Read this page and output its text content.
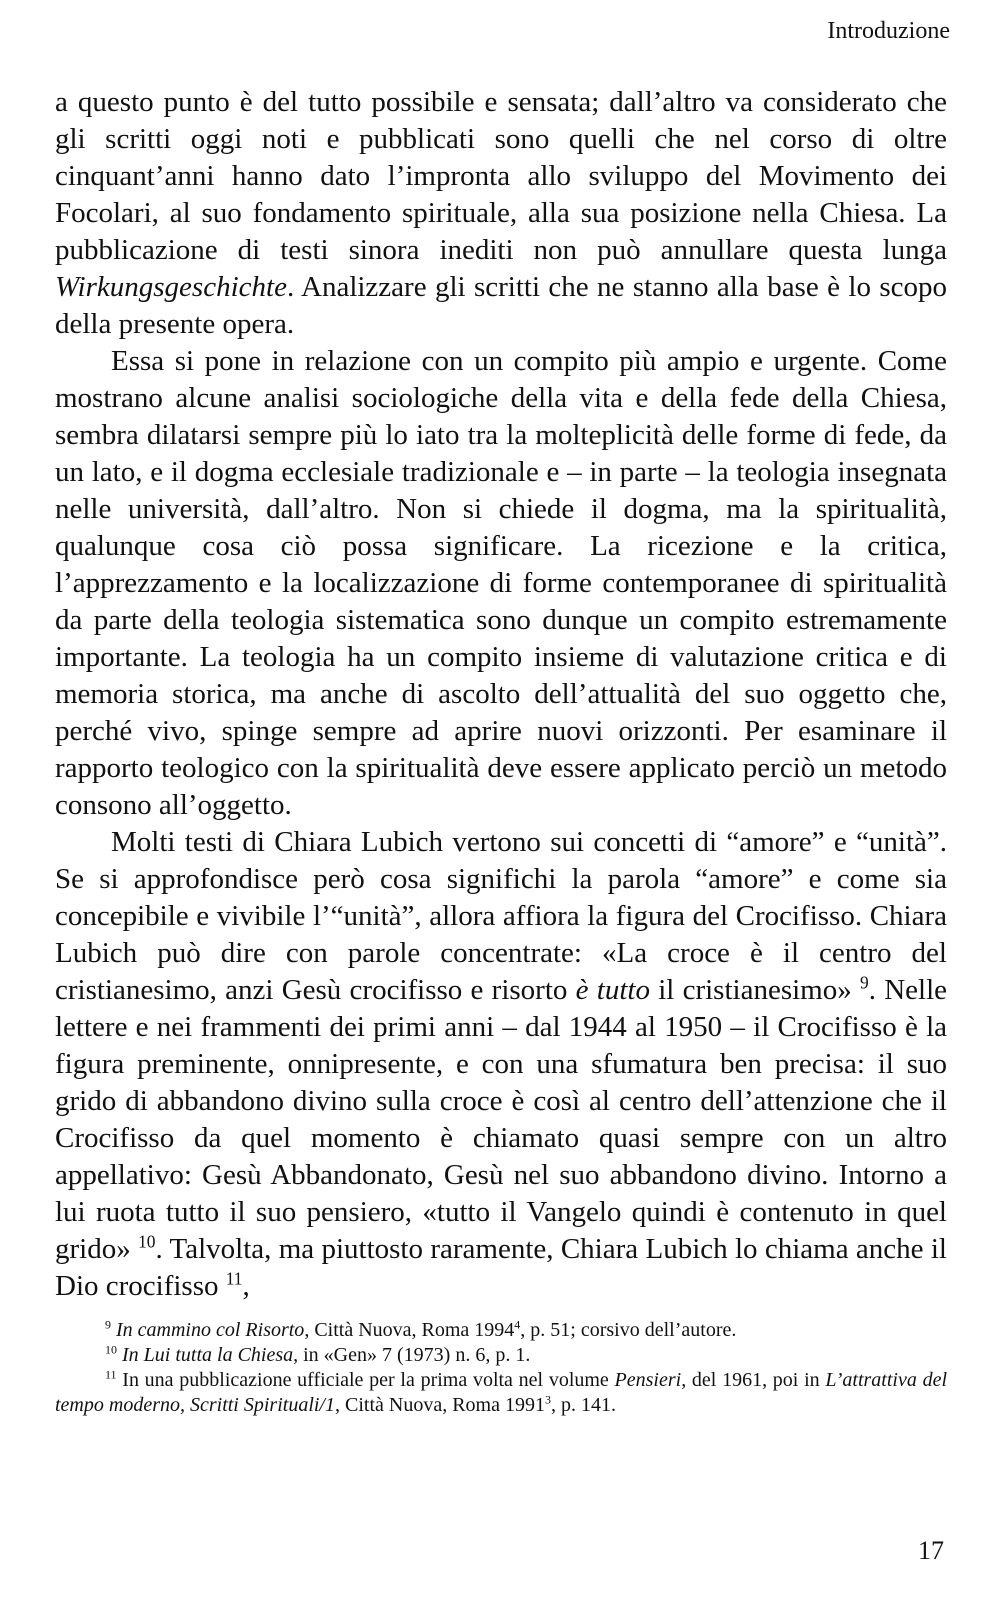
Introduzione

a questo punto è del tutto possibile e sensata; dall’altro va considerato che gli scritti oggi noti e pubblicati sono quelli che nel corso di oltre cinquant’anni hanno dato l’impronta allo sviluppo del Movimento dei Focolari, al suo fondamento spirituale, alla sua posizione nella Chiesa. La pubblicazione di testi sinora inediti non può annullare questa lunga Wirkungsgeschichte. Analizzare gli scritti che ne stanno alla base è lo scopo della presente opera.

Essa si pone in relazione con un compito più ampio e urgente. Come mostrano alcune analisi sociologiche della vita e della fede della Chiesa, sembra dilatarsi sempre più lo iato tra la molteplicità delle forme di fede, da un lato, e il dogma ecclesiale tradizionale e – in parte – la teologia insegnata nelle università, dall’altro. Non si chiede il dogma, ma la spiritualità, qualunque cosa ciò possa significare. La ricezione e la critica, l’apprezzamento e la localizzazione di forme contemporanee di spiritualità da parte della teologia sistematica sono dunque un compito estremamente importante. La teologia ha un compito insieme di valutazione critica e di memoria storica, ma anche di ascolto dell’attualità del suo oggetto che, perché vivo, spinge sempre ad aprire nuovi orizzonti. Per esaminare il rapporto teologico con la spiritualità deve essere applicato perciò un metodo consono all’oggetto.

Molti testi di Chiara Lubich vertono sui concetti di “amore” e “unità”. Se si approfondisce però cosa significhi la parola “amore” e come sia concepibile e vivibile l’“unità”, allora affiora la figura del Crocifisso. Chiara Lubich può dire con parole concentrate: «La croce è il centro del cristianesimo, anzi Gesù crocifisso e risorto è tutto il cristianesimo» $^9$. Nelle lettere e nei frammenti dei primi anni – dal 1944 al 1950 – il Crocifisso è la figura preminente, onnipresente, e con una sfumatura ben precisa: il suo grido di abbandono divino sulla croce è così al centro dell’attenzione che il Crocifisso da quel momento è chiamato quasi sempre con un altro appellativo: Gesù Abbandonato, Gesù nel suo abbandono divino. Intorno a lui ruota tutto il suo pensiero, «tutto il Vangelo quindi è contenuto in quel grido» $^{10}$. Talvolta, ma piuttosto raramente, Chiara Lubich lo chiama anche il Dio crocifisso $^{11}$,

$^9$ In cammino col Risorto, Città Nuova, Roma 1994$^4$, p. 51; corsivo dell’autore.

$^{10}$ In Lui tutta la Chiesa, in «Gen» 7 (1973) n. 6, p. 1.

$^{11}$ In una pubblicazione ufficiale per la prima volta nel volume Pensieri, del 1961, poi in L’attrattiva del tempo moderno, Scritti Spirituali/1, Città Nuova, Roma 1991$^3$, p. 141.

17
